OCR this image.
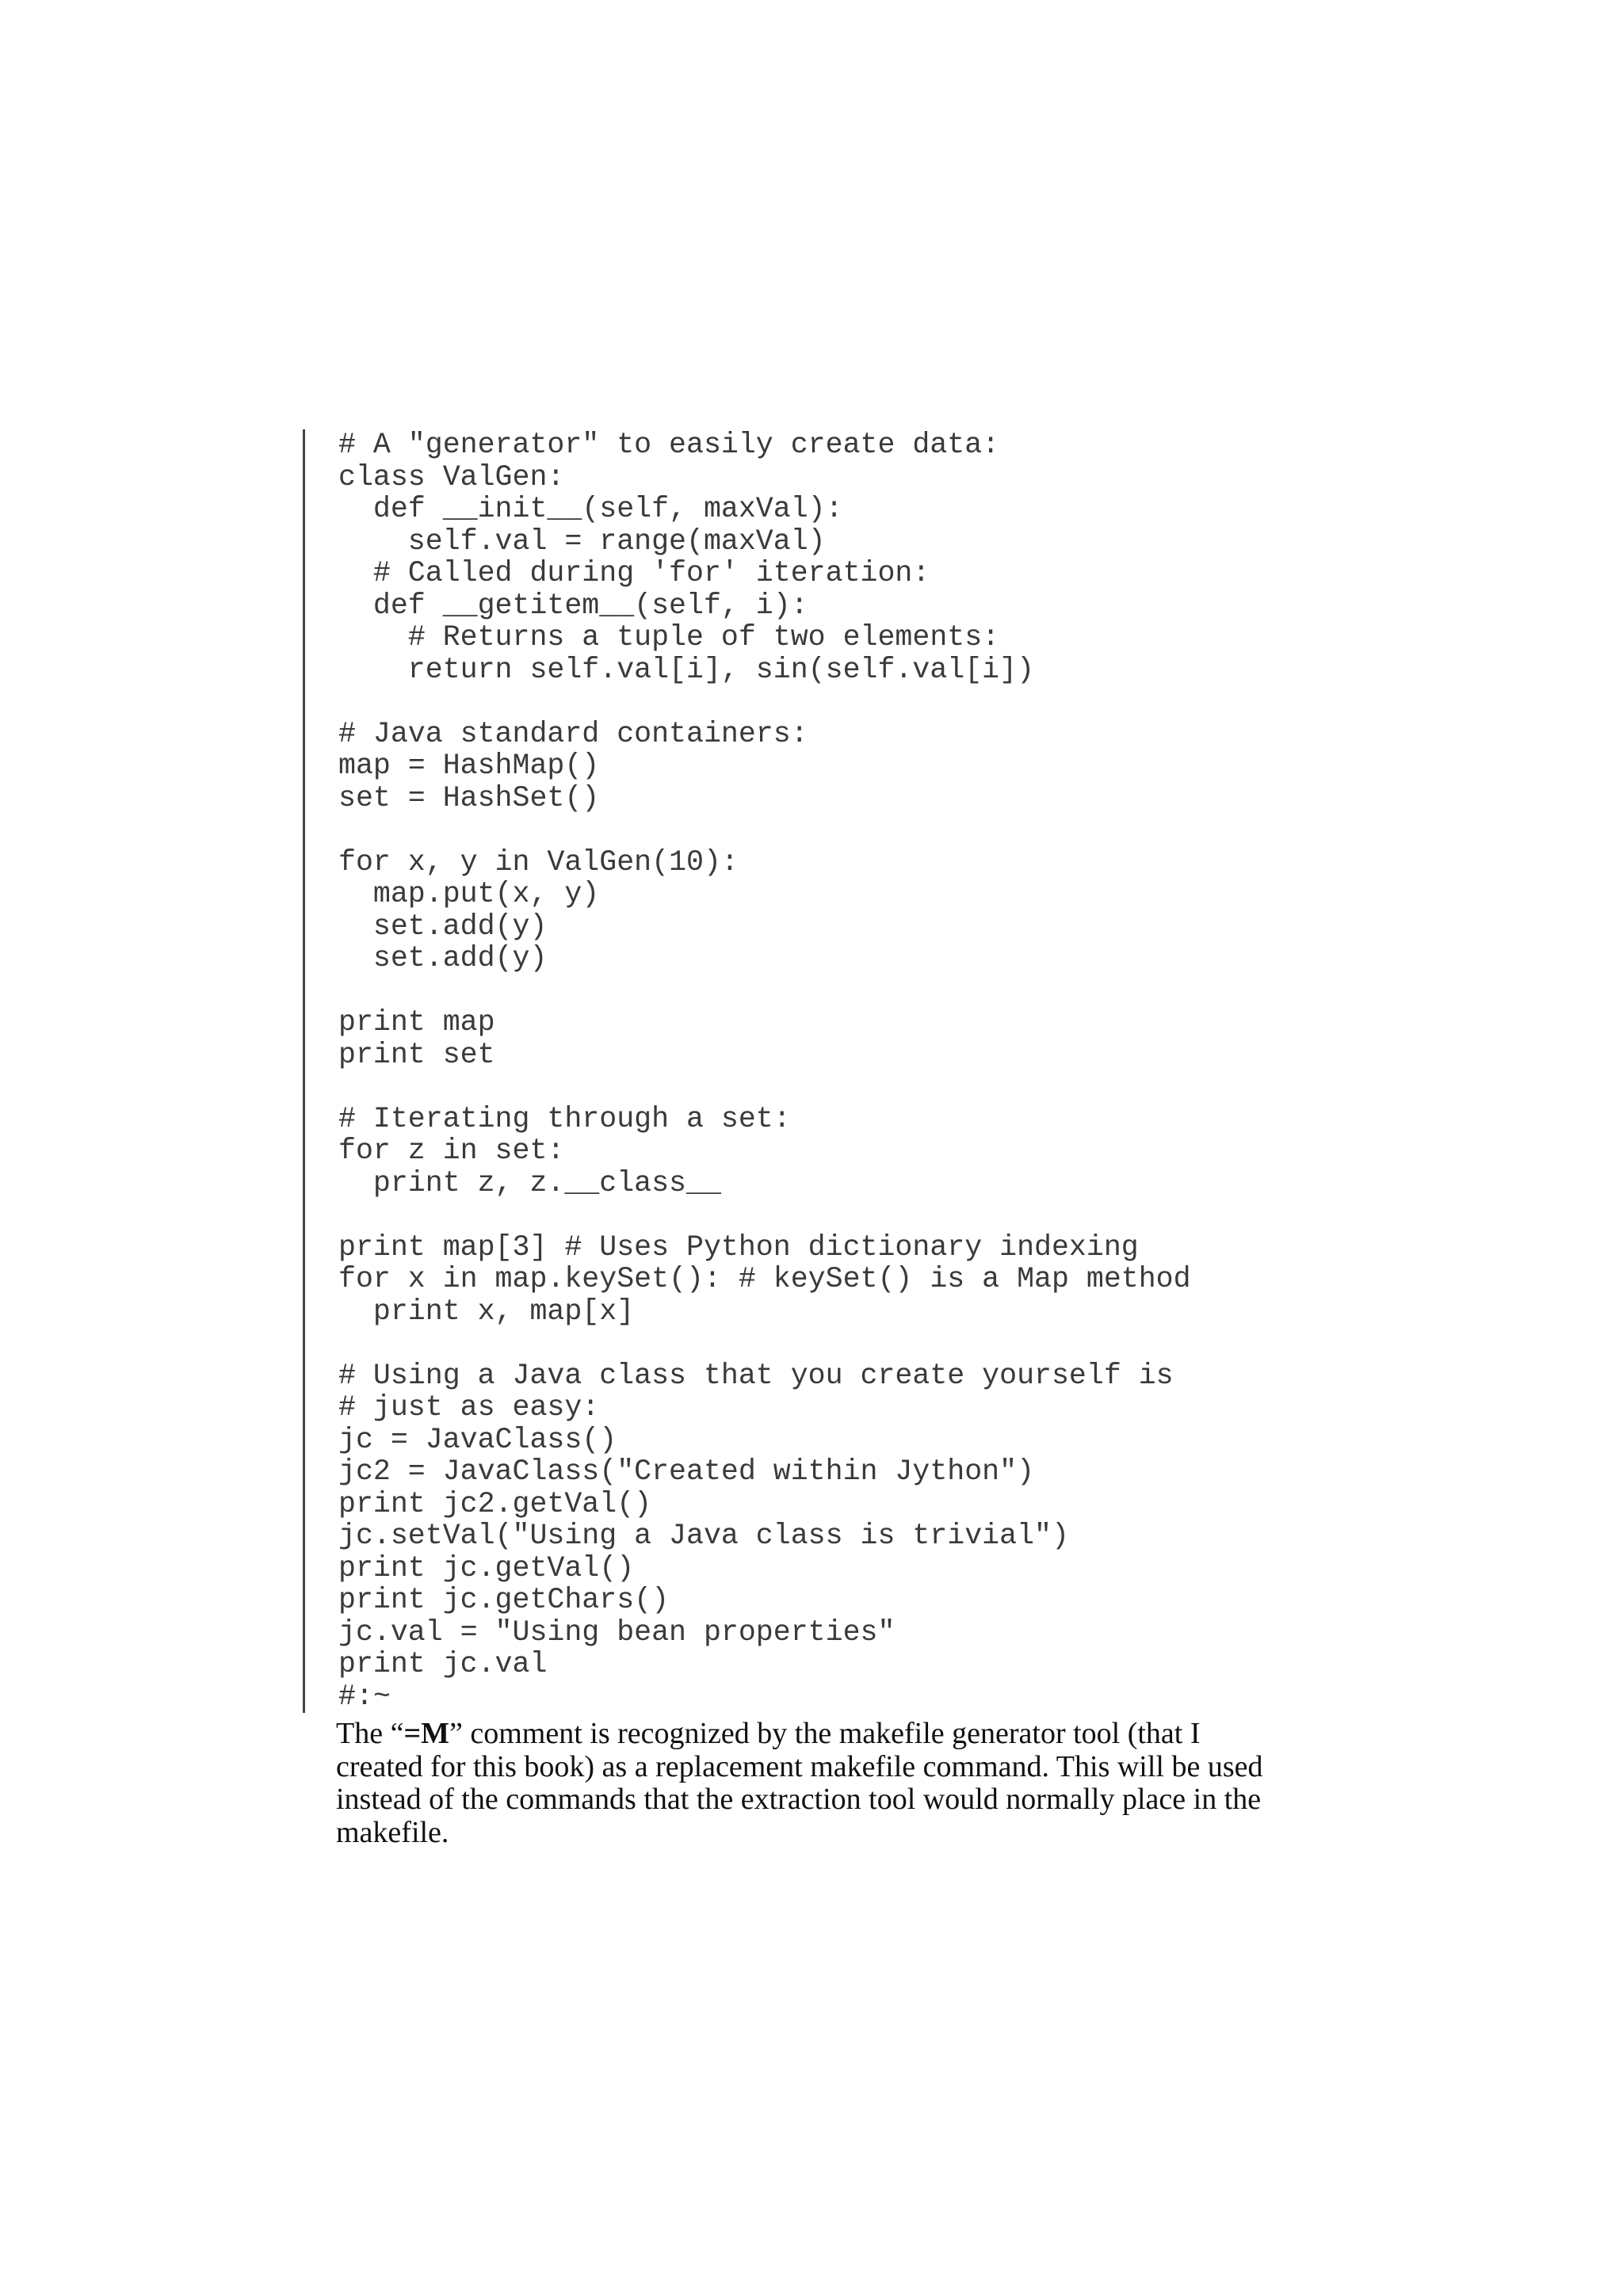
# A "generator" to easily create data:
class ValGen:
def __init__(self, maxVal):
self.val = range(maxVal)
# Called during 'for' iteration:
def __getitem__(self, i):
# Returns a tuple of two elements:
return self.val[i], sin(self.val[i])
# Java standard containers:
map = HashMap()
set = HashSet()
for x, y in ValGen(10):
map.put(x, y)
set.add(y)
set.add(y)
print map
print set
# Iterating through a set:
for z in set:
print z, z.__class__
print map[3] # Uses Python dictionary indexing
for x in map.keySet(): # keySet() is a Map method
print x, map[x]
# Using a Java class that you create yourself is
# just as easy:
jc = JavaClass()
jc2 = JavaClass("Created within Jython")
print jc2.getVal()
jc.setVal("Using a Java class is trivial")
print jc.getVal()
print jc.getChars()
jc.val = "Using bean properties"
print jc.val
#:~

The “=M” comment is recognized by the makefile generator tool (that I created for this book) as a replacement makefile command. This will be used instead of the commands that the extraction tool would normally place in the makefile.
